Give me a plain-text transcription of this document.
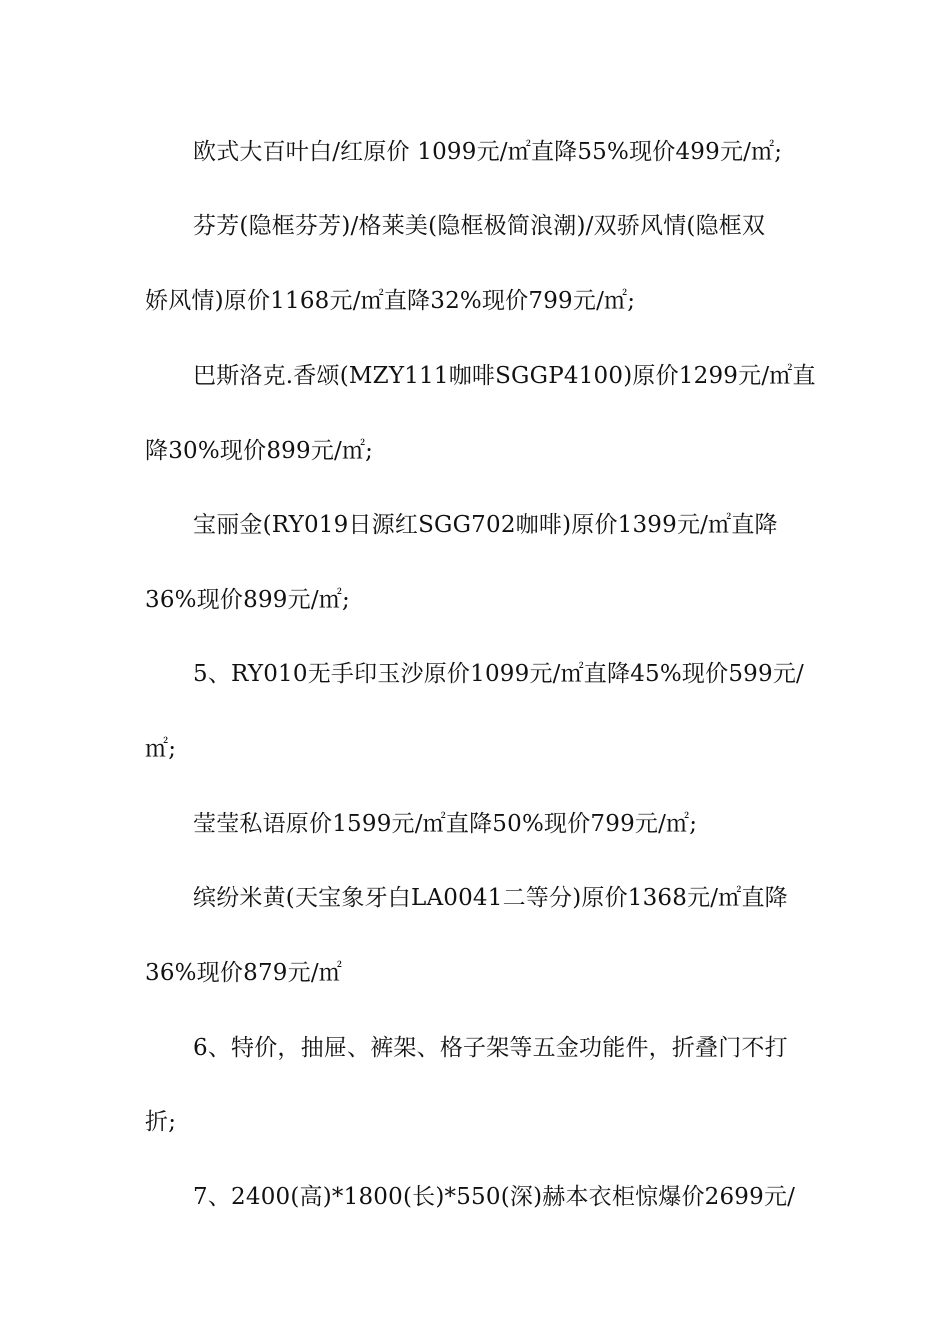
欧式大百叶白/红原价 1099元/㎡直降55%现价499元/㎡;
芬芳(隐框芬芳)/格莱美(隐框极简浪潮)/双骄风情(隐框双
娇风情)原价1168元/㎡直降32%现价799元/㎡;
巴斯洛克.香颂(MZY111咖啡SGGP4100)原价1299元/㎡直
降30%现价899元/㎡;
宝丽金(RY019日源红SGG702咖啡)原价1399元/㎡直降
36%现价899元/㎡;
5、RY010无手印玉沙原价1099元/㎡直降45%现价599元/
㎡;
莹莹私语原价1599元/㎡直降50%现价799元/㎡;
缤纷米黄(天宝象牙白LA0041二等分)原价1368元/㎡直降
36%现价879元/㎡
6、特价，抽屉、裤架、格子架等五金功能件，折叠门不打
折;
7、2400(高)*1800(长)*550(深)赫本衣柜惊爆价2699元/
